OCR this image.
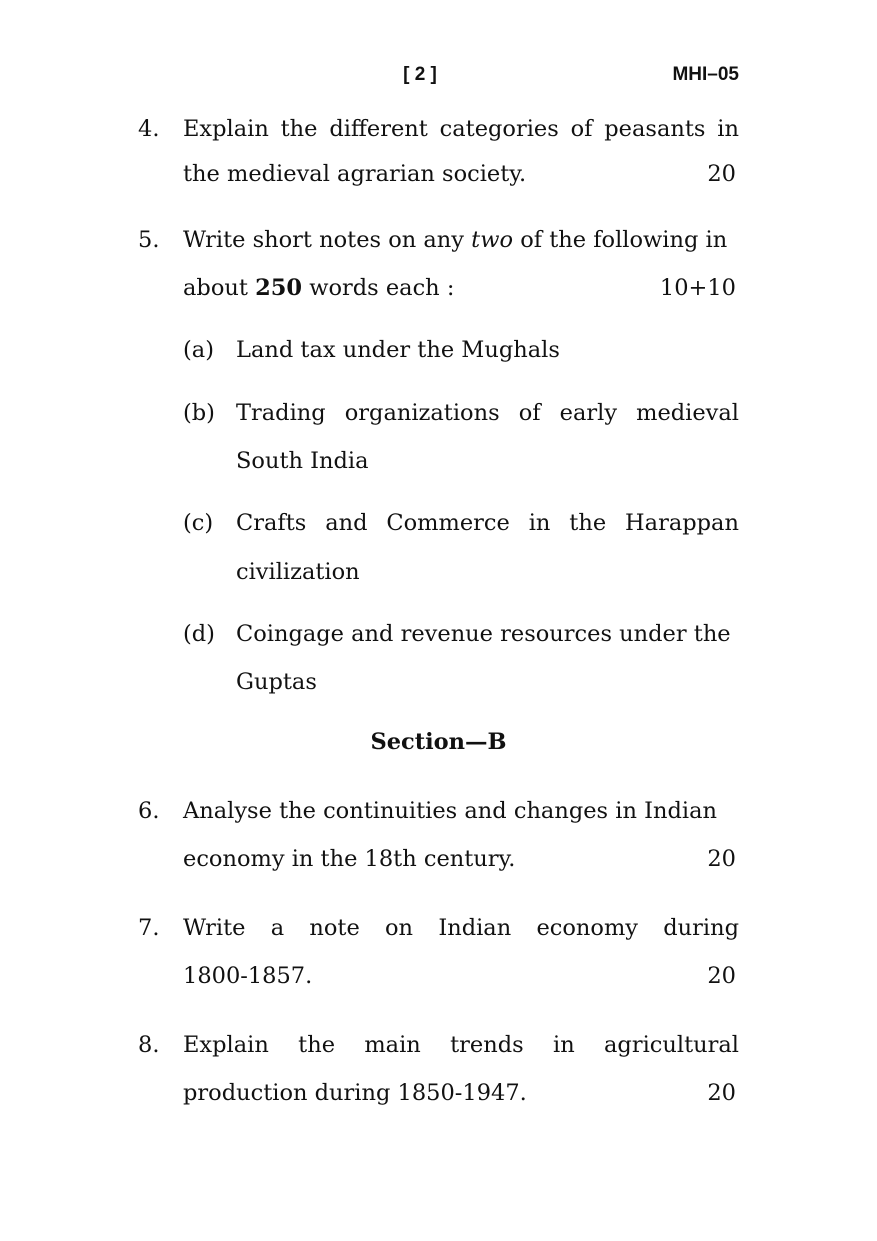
[ 2 ]	MHI–05
4. Explain the different categories of peasants in
the medieval agrarian society.	20
5. Write short notes on any two of the following in
about 250 words each :	10+10
(a) Land tax under the Mughals
(b) Trading organizations of early medieval
South India
(c) Crafts and Commerce in the Harappan
civilization
(d) Coingage and revenue resources under the
Guptas
Section—B
6. Analyse the continuities and changes in Indian
economy in the 18th century.	20
7. Write a note on Indian economy during
1800-1857.	20
8. Explain the main trends in agricultural
production during 1850-1947.	20
